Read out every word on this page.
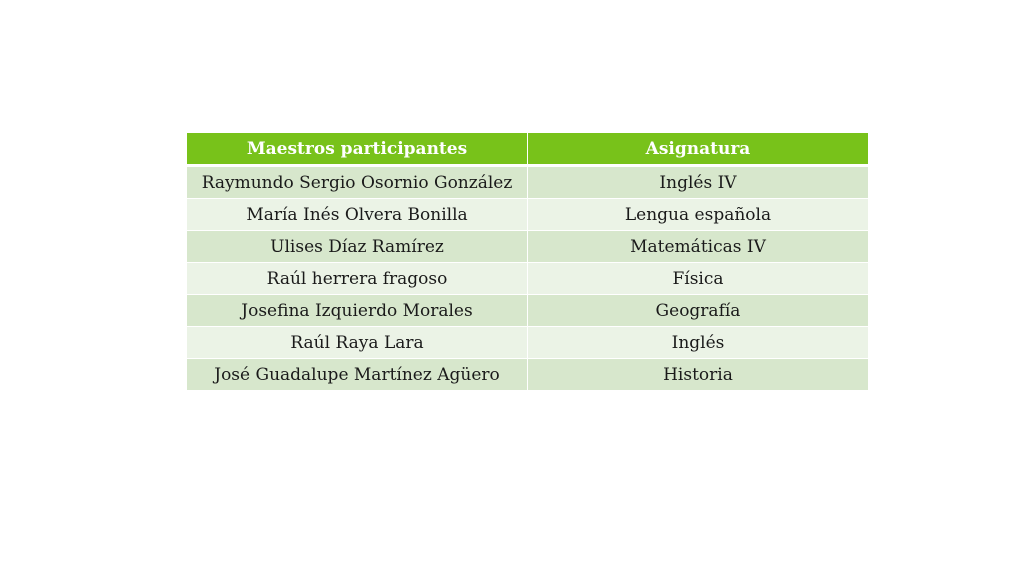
Maestros participantes	Asignatura
Raymundo Sergio Osornio González	Inglés IV
María Inés Olvera Bonilla	Lengua española
Ulises Díaz Ramírez	Matemáticas IV
Raúl herrera fragoso	Física
Josefina Izquierdo Morales	Geografía
Raúl Raya Lara	Inglés
José Guadalupe Martínez Agüero	Historia
